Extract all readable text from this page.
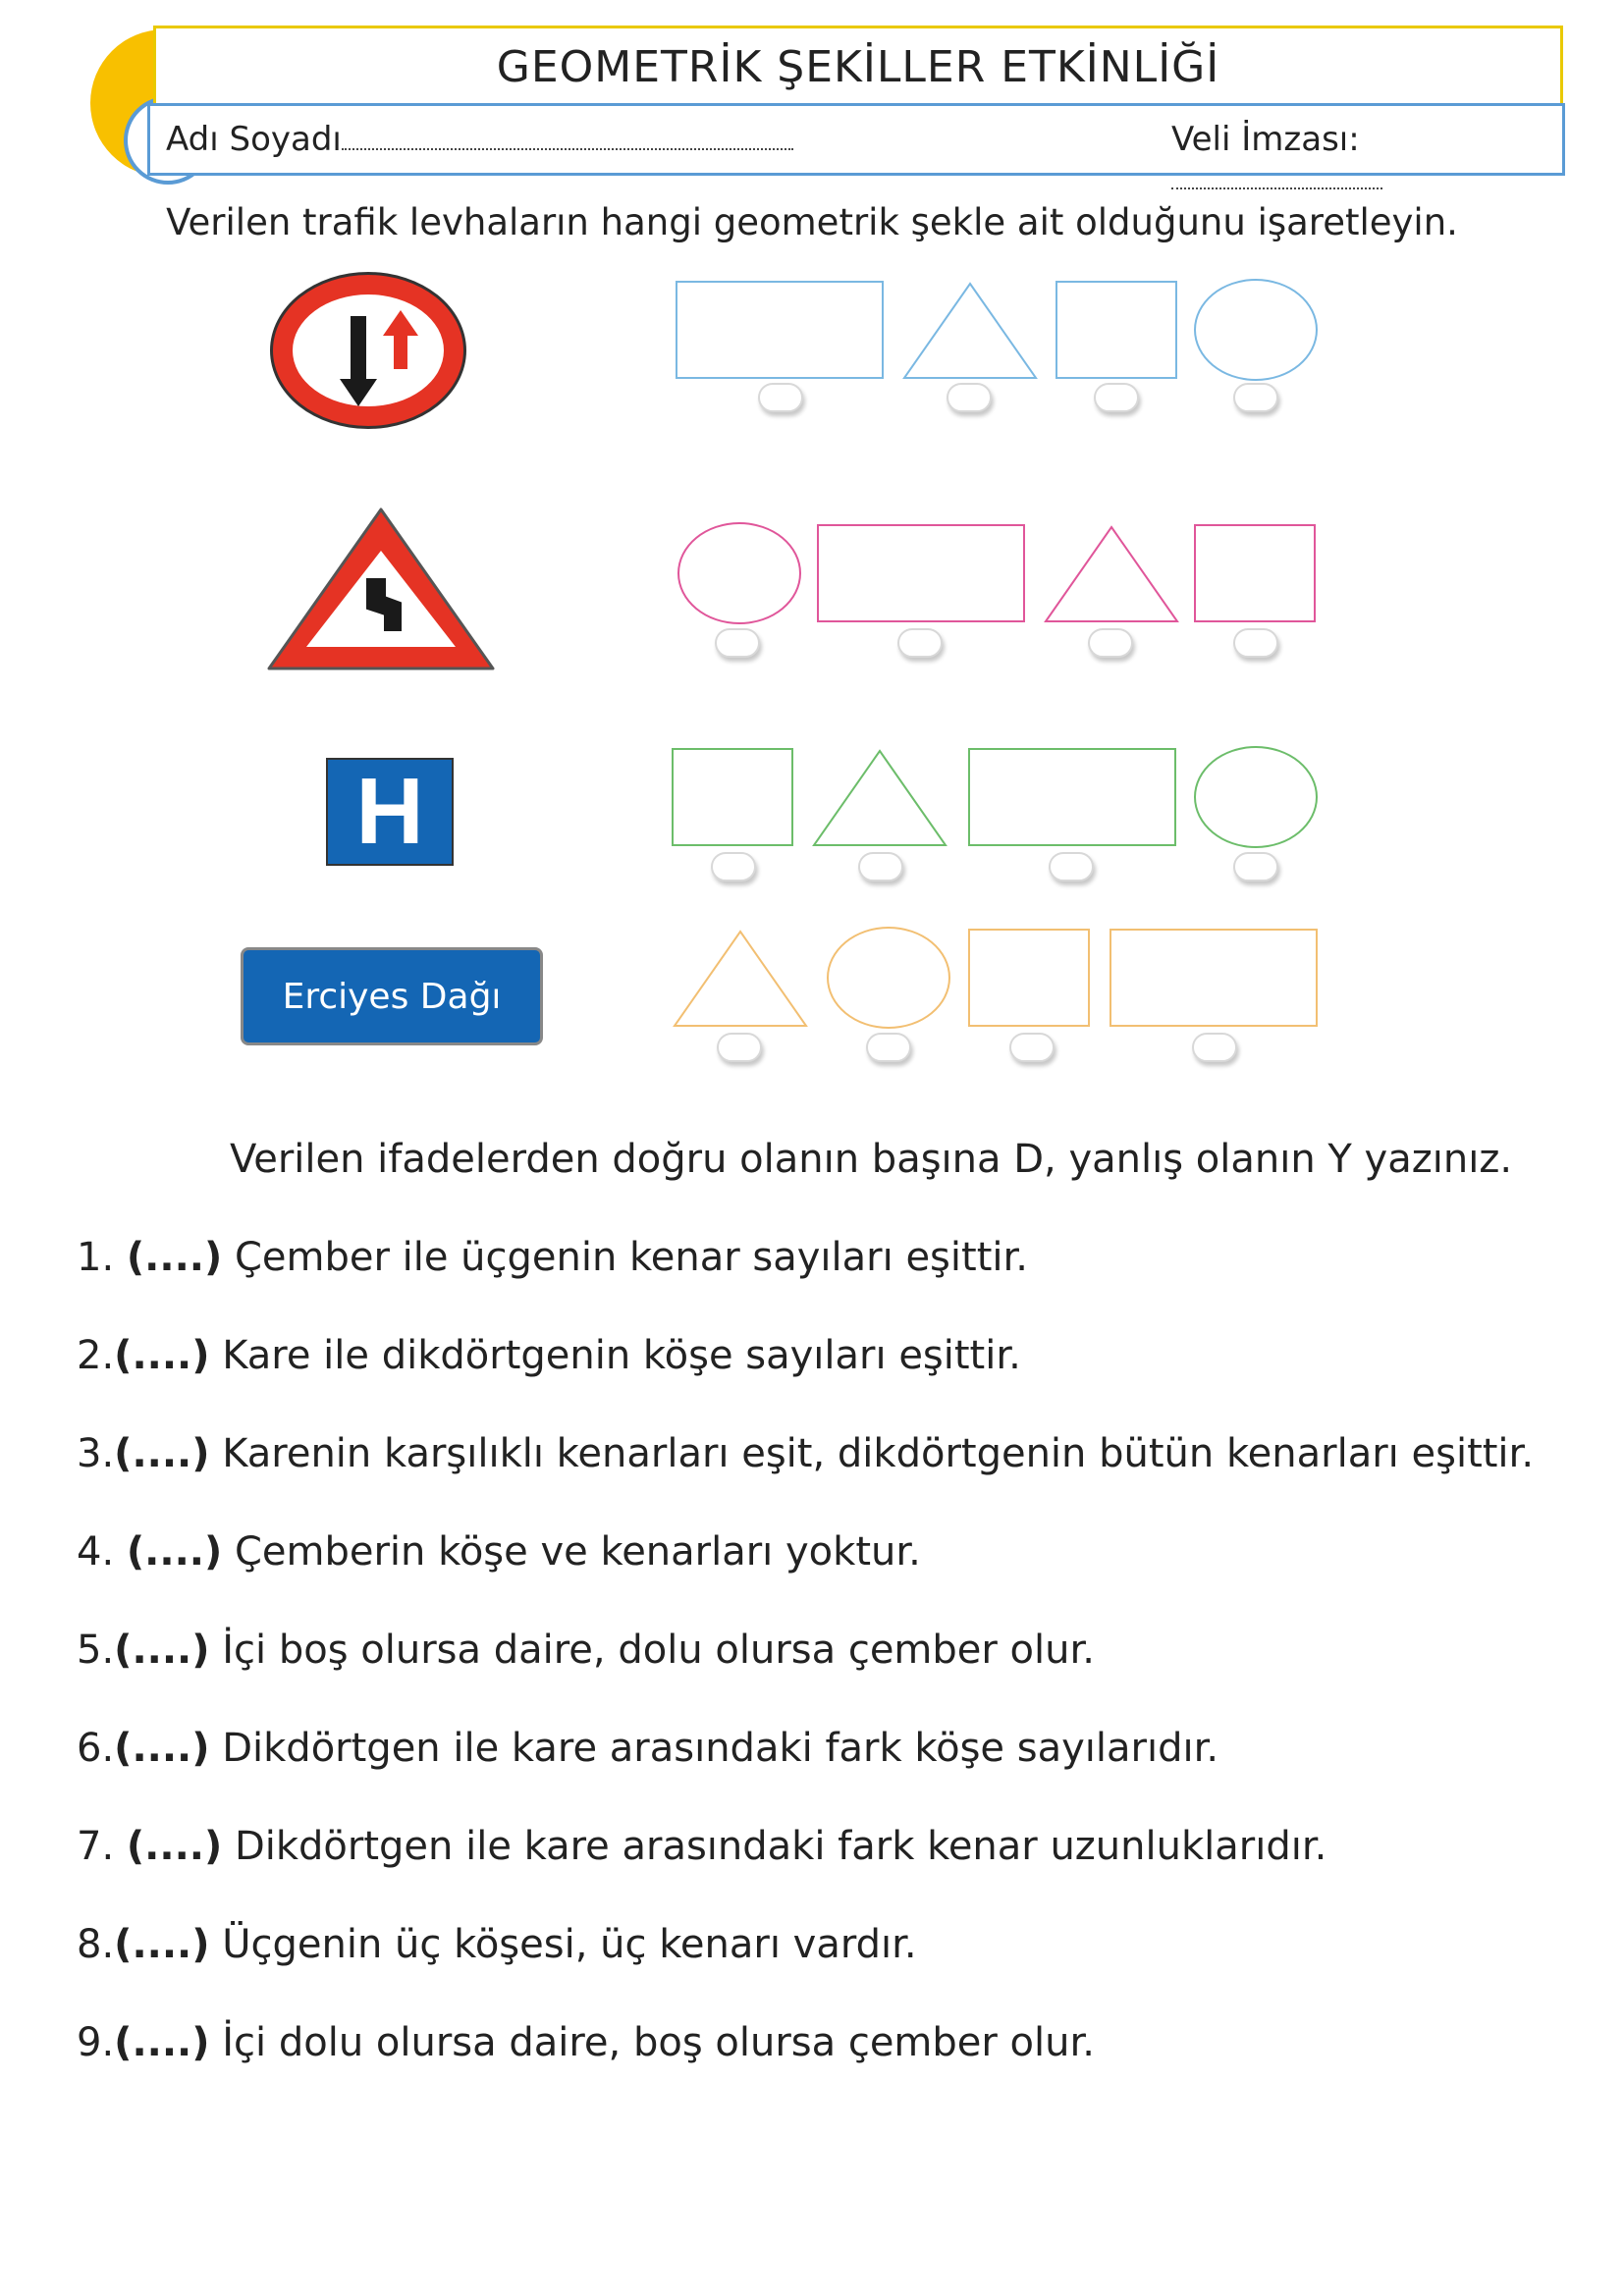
GEOMETRİK ŞEKİLLER ETKİNLİĞİ
Adı Soyadı	Veli İmzası:
Verilen trafik levhaların hangi geometrik şekle ait olduğunu işaretleyin.
H
Erciyes Dağı
Verilen ifadelerden doğru olanın başına D, yanlış olanın Y yazınız.
1. (....) Çember ile üçgenin kenar sayıları eşittir.
2.(....) Kare ile dikdörtgenin köşe sayıları eşittir.
3.(....) Karenin karşılıklı kenarları eşit, dikdörtgenin bütün kenarları eşittir.
4. (....) Çemberin köşe ve kenarları yoktur.
5.(....) İçi boş olursa daire, dolu olursa çember olur.
6.(....) Dikdörtgen ile kare arasındaki fark köşe sayılarıdır.
7. (....) Dikdörtgen ile kare arasındaki fark kenar uzunluklarıdır.
8.(....) Üçgenin üç köşesi, üç kenarı vardır.
9.(....) İçi dolu olursa daire, boş olursa çember olur.
